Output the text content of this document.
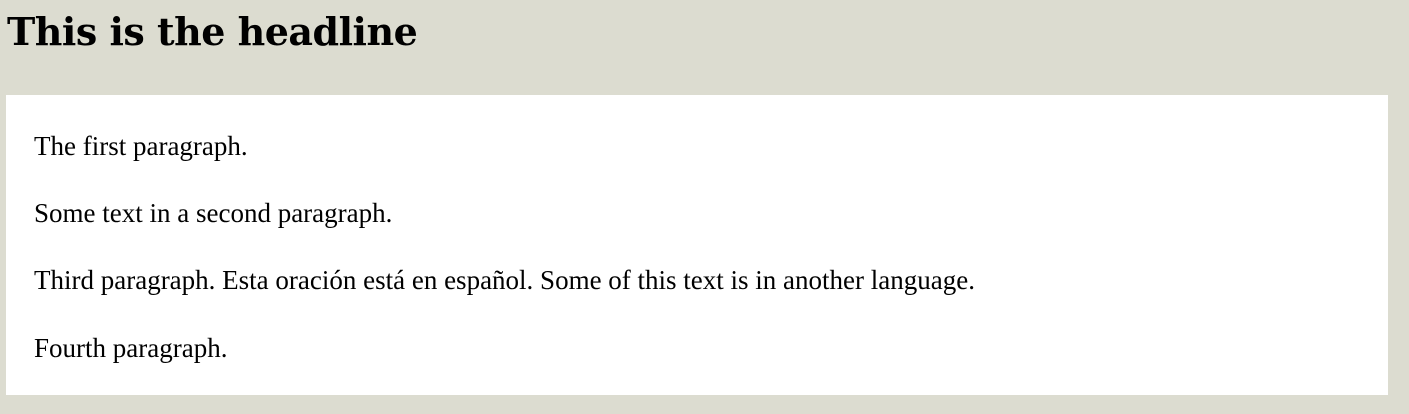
This is the headline

The first paragraph.

Some text in a second paragraph.

Third paragraph. Esta oración está en español. Some of this text is in another language.

Fourth paragraph.
